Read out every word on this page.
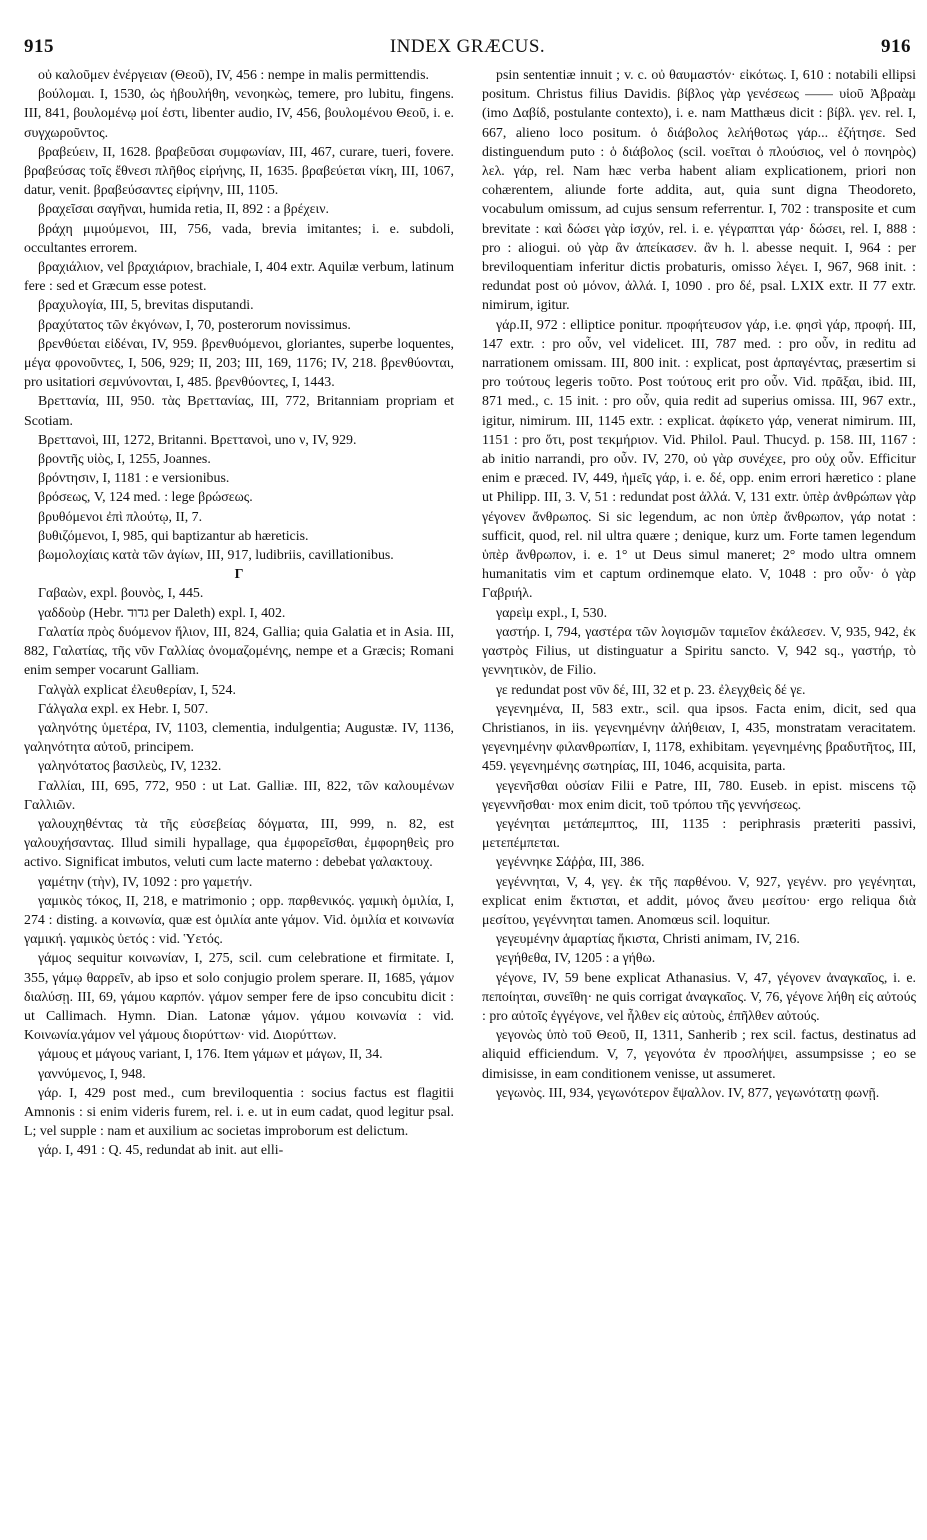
915	INDEX GRÆCUS.	916

οὐ καλοῦμεν ἐνέργειαν (Θεοῦ), IV, 456 : nempe in malis permittendis.

βούλομαι. I, 1530, ὡς ἠβουλήθη, νενοηκὼς, temere, pro lubitu, fingens. III, 841, βουλομένῳ μοί ἐστι, libenter audio, IV, 456, βουλομένου Θεοῦ, i. e. συγχωροῦντος.

βραβεύειν, II, 1628. βραβεῦσαι συμφωνίαν, III, 467, curare, tueri, fovere. βραβεύσας τοῖς ἔθνεσι πλῆθος εἰρήνης, II, 1635. βραβεύεται νίκη, III, 1067, datur, venit. βραβεύσαντες εἰρήνην, III, 1105.

βραχεῖσαι σαγῆναι, humida retia, II, 892 : a βρέχειν.

βράχη μιμούμενοι, III, 756, vada, brevia imitantes; i. e. subdoli, occultantes errorem.

βραχιάλιον, vel βραχιάριον, brachiale, I, 404 extr. Aquilæ verbum, latinum fere : sed et Græcum esse potest.

βραχυλογία, III, 5, brevitas disputandi.

βραχύτατος τῶν ἐκγόνων, I, 70, posterorum novissimus.

βρενθύεται εἰδέναι, IV, 959. βρενθυόμενοι, gloriantes, superbe loquentes, μέγα φρονοῦντες, I, 506, 929; II, 203; III, 169, 1176; IV, 218. βρενθύονται, pro usitatiori σεμνύνονται, I, 485. βρενθύοντες, I, 1443.

Βρεττανία, III, 950. τὰς Βρεττανίας, III, 772, Britanniam propriam et Scotiam.

Βρεττανοὶ, III, 1272, Britanni. Βρεττανοὶ, uno ν, IV, 929.

βροντῆς υἱὸς, I, 1255, Joannes.

βρόντησιν, I, 1181 : e versionibus.

βρόσεως, V, 124 med. : lege βρώσεως.

βρυθόμενοι ἐπὶ πλούτῳ, II, 7.

βυθιζόμενοι, I, 985, qui baptizantur ab hæreticis.

βωμολοχίαις κατὰ τῶν ἁγίων, III, 917, ludibriis, cavillationibus.

Γ

Γαβαὼν, expl. βουνὸς, I, 445.

γαδδοὺρ (Hebr. גדוד per Daleth) expl. I, 402.

Γαλατία πρὸς δυόμενον ἥλιον, III, 824, Gallia; quia Galatia et in Asia. III, 882, Γαλατίας, τῆς νῦν Γαλλίας ὀνομαζομένης, nempe et a Græcis; Romani enim semper vocarunt Galliam.

Γαλγὰλ explicat ἐλευθερίαν, I, 524.

Γάλγαλα expl. ex Hebr. I, 507.

γαληνότης ὑμετέρα, IV, 1103, clementia, indulgentia; Augustæ. IV, 1136, γαληνότητα αὐτοῦ, principem.

γαληνότατος βασιλεὺς, IV, 1232.

Γαλλίαι, III, 695, 772, 950 : ut Lat. Galliæ. III, 822, τῶν καλουμένων Γαλλιῶν.

γαλουχηθέντας τὰ τῆς εὐσεβείας δόγματα, III, 999, n. 82, est γαλουχήσαντας. Illud simili hypallage, qua ἐμφορεῖσθαι, ἐμφορηθεὶς pro activo. Significat imbutos, veluti cum lacte materno : debebat γαλακτουχ.

γαμέτην (τὴν), IV, 1092 : pro γαμετήν.

γαμικὸς τόκος, II, 218, e matrimonio ; opp. παρθενικός. γαμικὴ ὁμιλία, I, 274 : disting. a κοινωνία, quæ est ὁμιλία ante γάμον. Vid. ὁμιλία et κοινωνία γαμική. γαμικὸς ὑετός : vid. Ὑετός.

γάμος sequitur κοινωνίαν, I, 275, scil. cum celebratione et firmitate. I, 355, γάμῳ θαρρεῖν, ab ipso et solo conjugio prolem sperare. II, 1685, γάμον διαλύσῃ. III, 69, γάμου καρπόν. γάμον semper fere de ipso concubitu dicit : ut Callimach. Hymn. Dian. Latonæ γάμον. γάμου κοινωνία : vid. Κοινωνία.γάμον vel γάμους διορύττων· vid. Διορύττων.

γάμους et μάγους variant, I, 176. Item γάμων et μάγων, II, 34.

γαννύμενος, I, 948.

γάρ. I, 429 post med., cum breviloquentia : socius factus est flagitii Amnonis : si enim videris furem, rel. i. e. ut in eum cadat, quod legitur psal. L; vel supple : nam et auxilium ac societas improborum est delictum.

γάρ. I, 491 : Q. 45, redundat ab init. aut elli-

psin sententiæ innuit ; v. c. οὐ θαυμαστόν· εἰκότως. I, 610 : notabili ellipsi positum. Christus filius Davidis. βίβλος γὰρ γενέσεως —— υἱοῦ Ἀβραὰμ (imo Δαβίδ, postulante contexto), i. e. nam Matthæus dicit : βίβλ. γεν. rel. I, 667, alieno loco positum. ὁ διάβολος λελήθοτως γάρ... ἐζήτησε. Sed distinguendum puto : ὁ διάβολος (scil. νοεῖται ὁ πλούσιος, vel ὁ πονηρὸς) λελ. γάρ, rel. Nam hæc verba habent aliam explicationem, priori non cohærentem, aliunde forte addita, aut, quia sunt digna Theodoreto, vocabulum omissum, ad cujus sensum referrentur. I, 702 : transposite et cum brevitate : καὶ δώσει γὰρ ἰσχύν, rel. i. e. γέγραπται γάρ· δώσει, rel. I, 888 : pro : aliogui. οὐ γὰρ ἂν ἀπείκασεν. ἂν h. l. abesse nequit. I, 964 : per breviloquentiam inferitur dictis probaturis, omisso λέγει. I, 967, 968 init. : redundat post οὐ μόνον, ἀλλά. I, 1090 . pro δέ, psal. LXIX extr. II 77 extr. nimirum, igitur.

γάρ.II, 972 : elliptice ponitur. προφήτευσον γάρ, i.e. φησὶ γάρ, προφή. III, 147 extr. : pro οὖν, vel videlicet. III, 787 med. : pro οὖν, in reditu ad narrationem omissam. III, 800 init. : explicat, post ἁρπαγέντας, præsertim si pro τούτους legeris τοῦτο. Post τούτους erit pro οὖν. Vid. πρᾶξαι, ibid. III, 871 med., c. 15 init. : pro οὖν, quia redit ad superius omissa. III, 967 extr., igitur, nimirum. III, 1145 extr. : explicat. ἀφίκετο γάρ, venerat nimirum. III, 1151 : pro ὅτι, post τεκμήριον. Vid. Philol. Paul. Thucyd. p. 158. III, 1167 : ab initio narrandi, pro οὖν. IV, 270, οὐ γὰρ συνέχεε, pro οὐχ οὖν. Efficitur enim e præced. IV, 449, ἡμεῖς γάρ, i. e. δέ, opp. enim errori hæretico : plane ut Philipp. III, 3. V, 51 : redundat post ἀλλά. V, 131 extr. ὑπὲρ ἀνθρώπων γὰρ γέγονεν ἄνθρωπος. Si sic legendum, ac non ὑπὲρ ἄνθρωπον, γάρ notat : sufficit, quod, rel. nil ultra quære ; denique, kurz um. Forte tamen legendum ὑπὲρ ἄνθρωπον, i. e. 1° ut Deus simul maneret; 2° modo ultra omnem humanitatis vim et captum ordinemque elato. V, 1048 : pro οὖν· ὁ γὰρ Γαβριήλ.

γαρεὶμ expl., I, 530.

γαστήρ. I, 794, γαστέρα τῶν λογισμῶν ταμιεῖον ἐκάλεσεν. V, 935, 942, ἐκ γαστρὸς Filius, ut distinguatur a Spiritu sancto. V, 942 sq., γαστήρ, τὸ γεννητικὸν, de Filio.

γε redundat post νῦν δέ, III, 32 et p. 23. ἐλεγχθεὶς δέ γε.

γεγενημένα, II, 583 extr., scil. qua ipsos. Facta enim, dicit, sed qua Christianos, in iis. γεγενημένην ἀλήθειαν, I, 435, monstratam veracitatem. γεγενημένην φιλανθρωπίαν, I, 1178, exhibitam. γεγενημένης βραδυτῆτος, III, 459. γεγενημένης σωτηρίας, III, 1046, acquisita, parta.

γεγενῆσθαι οὐσίαν Filii e Patre, III, 780. Euseb. in epist. miscens τῷ γεγεννῆσθαι· mox enim dicit, τοῦ τρόπου τῆς γεννήσεως.

γεγένηται μετάπεμπτος, III, 1135 : periphrasis præteriti passivi, μετεπέμπεται.

γεγέννηκε Σάῤῥα, III, 386.

γεγέννηται, V, 4, γεγ. ἐκ τῆς παρθένου. V, 927, γεγένν. pro γεγένηται, explicat enim ἔκτισται, et addit, μόνος ἄνευ μεσίτου· ergo reliqua διὰ μεσίτου, γεγέννηται tamen. Anomœus scil. loquitur.

γεγευμένην ἁμαρτίας ἥκιστα, Christi animam, IV, 216.

γεγήθεθα, IV, 1205 : a γήθω.

γέγονε, IV, 59 bene explicat Athanasius. V, 47, γέγονεν ἀναγκαῖος, i. e. πεποίηται, συνεῖθη· ne quis corrigat ἀναγκαῖος. V, 76, γέγονε λήθη εἰς αὐτούς : pro αὐτοῖς ἐγγέγονε, vel ἦλθεν εἰς αὐτοὺς, ἐπῆλθεν αὐτούς.

γεγονὼς ὑπὸ τοῦ Θεοῦ, II, 1311, Sanherib ; rex scil. factus, destinatus ad aliquid efficiendum. V, 7, γεγονότα ἐν προσλήψει, assumpsisse ; eo se dimisisse, in eam conditionem venisse, ut assumeret.

γεγωνὸς. III, 934, γεγωνότερον ἔψαλλον. IV, 877, γεγωνότατῃ φωνῇ.
